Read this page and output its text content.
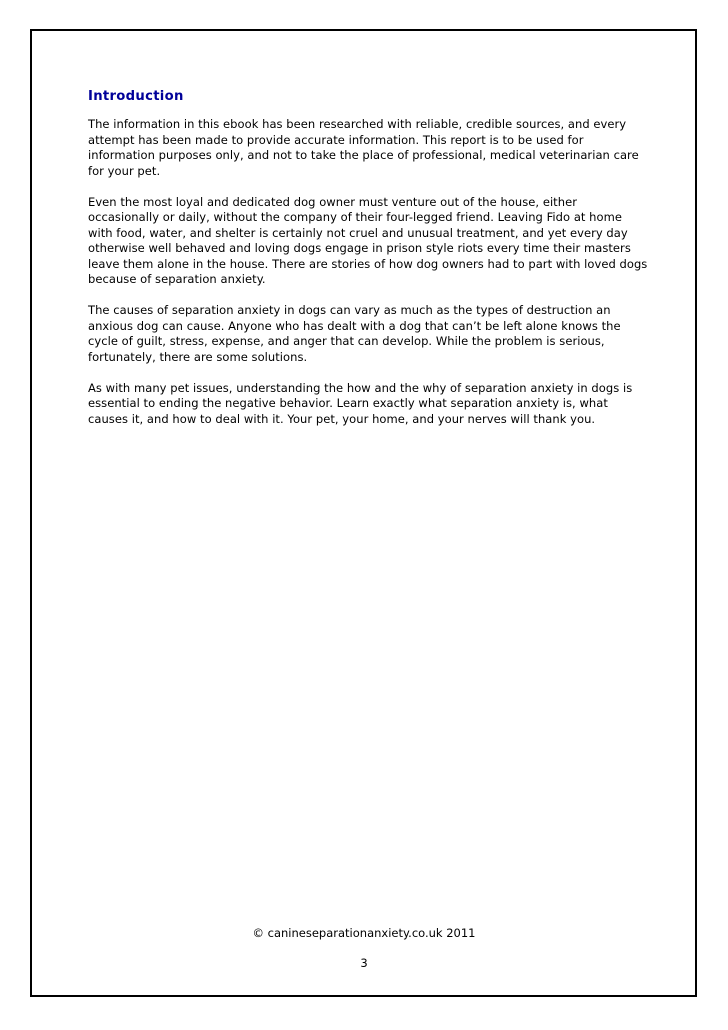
Introduction

The information in this ebook has been researched with reliable, credible sources, and every attempt has been made to provide accurate information. This report is to be used for information purposes only, and not to take the place of professional, medical veterinarian care for your pet.

Even the most loyal and dedicated dog owner must venture out of the house, either occasionally or daily, without the company of their four-legged friend. Leaving Fido at home with food, water, and shelter is certainly not cruel and unusual treatment, and yet every day otherwise well behaved and loving dogs engage in prison style riots every time their masters leave them alone in the house. There are stories of how dog owners had to part with loved dogs because of separation anxiety.

The causes of separation anxiety in dogs can vary as much as the types of destruction an anxious dog can cause. Anyone who has dealt with a dog that can’t be left alone knows the cycle of guilt, stress, expense, and anger that can develop. While the problem is serious, fortunately, there are some solutions.

As with many pet issues, understanding the how and the why of separation anxiety in dogs is essential to ending the negative behavior. Learn exactly what separation anxiety is, what causes it, and how to deal with it. Your pet, your home, and your nerves will thank you.

© canineseparationanxiety.co.uk 2011
3
